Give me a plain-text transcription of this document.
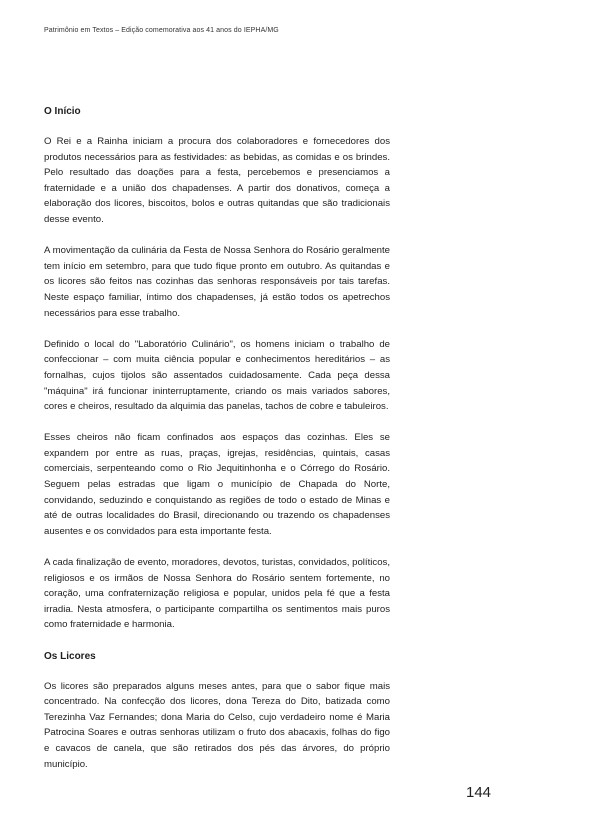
Patrimônio em Textos – Edição comemorativa aos 41 anos do IEPHA/MG
O Início

O Rei e a Rainha iniciam a procura dos colaboradores e fornecedores dos produtos necessários para as festividades: as bebidas, as comidas e os brindes. Pelo resultado das doações para a festa, percebemos e presenciamos a fraternidade e a união dos chapadenses. A partir dos donativos, começa a elaboração dos licores, biscoitos, bolos e outras quitandas que são tradicionais desse evento.

A movimentação da culinária da Festa de Nossa Senhora do Rosário geralmente tem início em setembro, para que tudo fique pronto em outubro. As quitandas e os licores são feitos nas cozinhas das senhoras responsáveis por tais tarefas. Neste espaço familiar, íntimo dos chapadenses, já estão todos os apetrechos necessários para esse trabalho.

Definido o local do "Laboratório Culinário", os homens iniciam o trabalho de confeccionar – com muita ciência popular e conhecimentos hereditários – as fornalhas, cujos tijolos são assentados cuidadosamente. Cada peça dessa "máquina" irá funcionar ininterruptamente, criando os mais variados sabores, cores e cheiros, resultado da alquimia das panelas, tachos de cobre e tabuleiros.

Esses cheiros não ficam confinados aos espaços das cozinhas. Eles se expandem por entre as ruas, praças, igrejas, residências, quintais, casas comerciais, serpenteando como o Rio Jequitinhonha e o Córrego do Rosário. Seguem pelas estradas que ligam o município de Chapada do Norte, convidando, seduzindo e conquistando as regiões de todo o estado de Minas e até de outras localidades do Brasil, direcionando ou trazendo os chapadenses ausentes e os convidados para esta importante festa.

A cada finalização de evento, moradores, devotos, turistas, convidados, políticos, religiosos e os irmãos de Nossa Senhora do Rosário sentem fortemente, no coração, uma confraternização religiosa e popular, unidos pela fé que a festa irradia. Nesta atmosfera, o participante compartilha os sentimentos mais puros como fraternidade e harmonia.

Os Licores

Os licores são preparados alguns meses antes, para que o sabor fique mais concentrado. Na confecção dos licores, dona Tereza do Dito, batizada como Terezinha Vaz Fernandes; dona Maria do Celso, cujo verdadeiro nome é Maria Patrocina Soares e outras senhoras utilizam o fruto dos abacaxis, folhas do figo e cavacos de canela, que são retirados dos pés das árvores, do próprio município.

144
